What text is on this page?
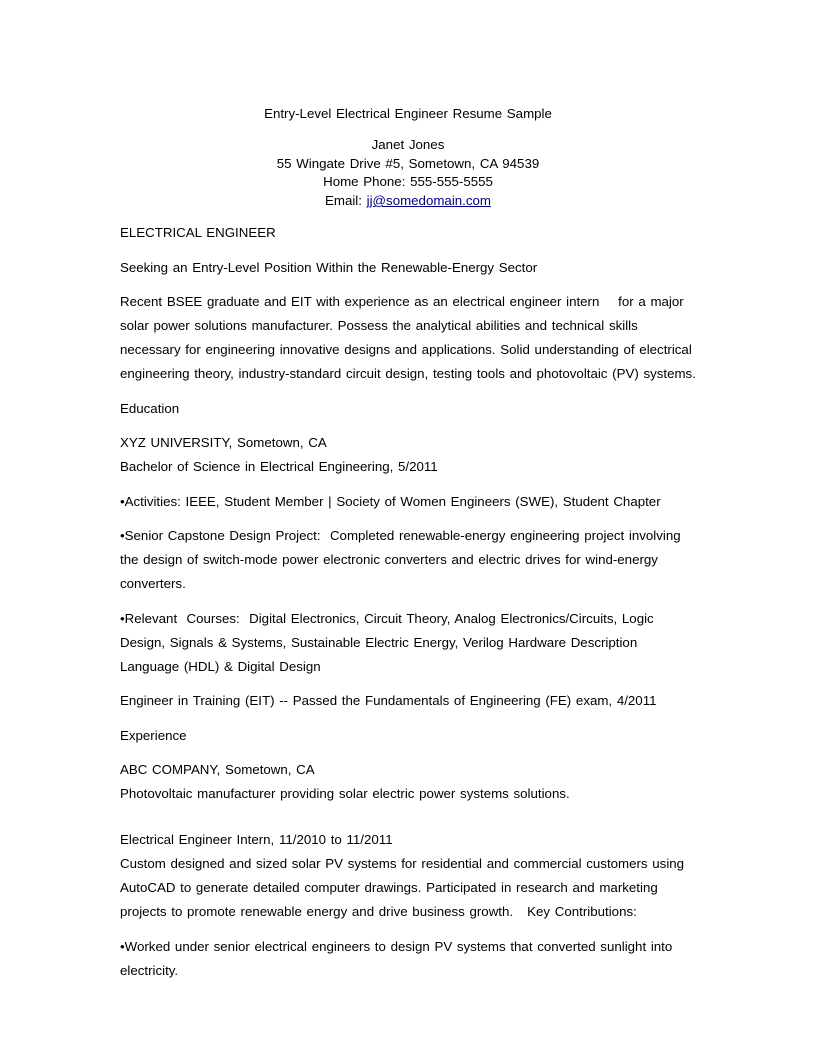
Entry-Level Electrical Engineer Resume Sample
Janet Jones
55 Wingate Drive #5, Sometown, CA 94539
Home Phone: 555-555-5555
Email: jj@somedomain.com

ELECTRICAL ENGINEER

Seeking an Entry-Level Position Within the Renewable-Energy Sector

Recent BSEE graduate and EIT with experience as an electrical engineer intern    for a major solar power solutions manufacturer. Possess the analytical abilities and technical skills necessary for engineering innovative designs and applications. Solid understanding of electrical engineering theory, industry-standard circuit design, testing tools and photovoltaic (PV) systems.

Education

XYZ UNIVERSITY, Sometown, CA
Bachelor of Science in Electrical Engineering, 5/2011

•Activities: IEEE, Student Member | Society of Women Engineers (SWE), Student Chapter

•Senior Capstone Design Project:  Completed renewable-energy engineering project involving the design of switch-mode power electronic converters and electric drives for wind-energy converters.

•Relevant  Courses:  Digital Electronics, Circuit Theory, Analog Electronics/Circuits, Logic Design, Signals & Systems, Sustainable Electric Energy, Verilog Hardware Description Language (HDL) & Digital Design

Engineer in Training (EIT) -- Passed the Fundamentals of Engineering (FE) exam, 4/2011

Experience

ABC COMPANY, Sometown, CA
Photovoltaic manufacturer providing solar electric power systems solutions.

Electrical Engineer Intern, 11/2010 to 11/2011
Custom designed and sized solar PV systems for residential and commercial customers using AutoCAD to generate detailed computer drawings. Participated in research and marketing projects to promote renewable energy and drive business growth.   Key Contributions:

•Worked under senior electrical engineers to design PV systems that converted sunlight into electricity.
